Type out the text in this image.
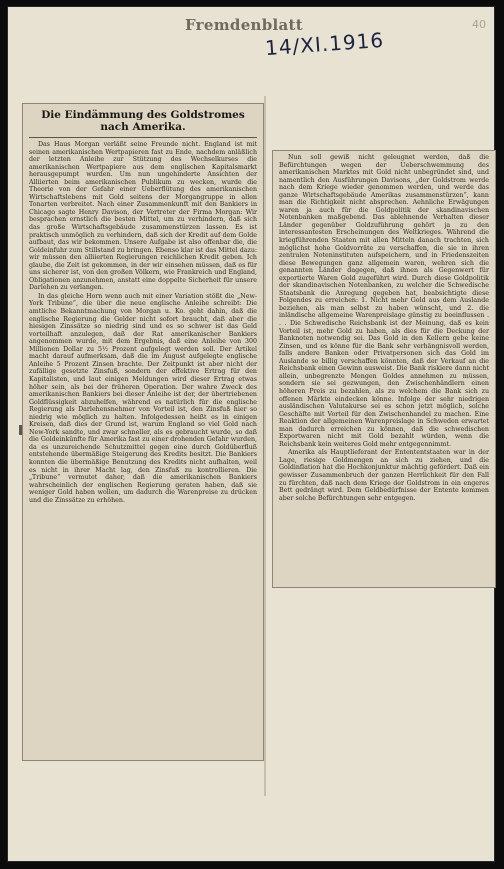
Fremdenblatt
14/XI.1916
40
Die Eindämmung des Goldstromes nach Amerika.

Das Haus Morgan verläßt seine Freunde nicht. England ist mit seinen amerikanischen Wertpapieren fast zu Ende, nachdem anläßlich der letzten Anleihe zur Stützung des Wechselkurses die amerikanischen Wertpapiere aus dem englischen Kapitalsmarkt herausgepumpt wurden. Um nun ungehinderte Ansichten der Alliierten beim amerikanischen Publikum zu wecken, wurde die Theorie von der Gefahr einer Ueberflütung des amerikanischen Wirtschaftslebens mit Gold seitens der Morgangruppe in allen Tonarten verbreitet. Nach einer Zusammenkunft mit den Bankiers in Chicago sagte Henry Davison, der Vertreter der Firma Morgan: Wir besprachen ernstlich die besten Mittel, um zu verhindern, daß sich das große Wirtschaftsgebäude zusammenstürzen lassen. Es ist praktisch unmöglich zu verhindern, daß sich der Kredit auf dem Golde aufbaut, das wir bekommen. Unsere Aufgabe ist also offenbar die, die Goldeinfuhr zum Stillstand zu bringen. Ebenso klar ist das Mittel dazu: wir müssen den alliierten Regierungen reichlichen Kredit geben. Ich glaube, die Zeit ist gekommen, in der wir einsehen müssen, daß es für uns sicherer ist, von den großen Völkern, wie Frankreich und England, Obligationen anzunehmen, anstatt eine doppelte Sicherheit für unsere Darlehen zu verlangen.

In das gleiche Horn wenn auch mit einer Variation stößt die „New-York Tribune“, die über die neue englische Anleihe schreibt: Die amtliche Bekanntmachung von Morgan u. Ko. geht dahin, daß die englische Regierung die Gelder nicht sofort braucht, daß aber die hiesigen Zinssätze so niedrig sind und es so schwer ist das Geld vorteilhaft anzulegen, daß der Rat amerikanischer Bankiers angenommen wurde, mit dem Ergebnis, daß eine Anleihe von 300 Millionen Dollar zu 5½ Prozent aufgelegt werden soll. Der Artikel macht darauf aufmerksam, daß die im August aufgelegte englische Anleihe 5 Prozent Zinsen brachte. Der Zeitpunkt ist aber nicht der zufällige gesetzte Zinsfuß, sondern der effektive Ertrag für den Kapitalisten, und laut einigen Meldungen wird dieser Ertrag etwas höher sein, als bei der früheren Operation. Der wahre Zweck des amerikanischen Bankiers bei dieser Anleihe ist der, der übertriebenen Goldflüssigkeit abzuhelfen, während es natürlich für die englische Regierung als Darlehensnehmer von Vorteil ist, den Zinsfuß hier so niedrig wie möglich zu halten. Infolgedessen heißt es in einigen Kreisen, daß dies der Grund ist, warum England so viel Gold nach New-York sandte, und zwar schneller, als es gebraucht wurde, so daß die Goldeinkünfte für Amerika fast zu einer drohenden Gefahr wurden, da es unzureichende Schutzmittel gegen eine durch Goldüberfluß entstehende übermäßige Steigerung des Kredits besitzt. Die Bankiers konnten die übermäßige Benutzung des Kredits nicht aufhalten, weil es nicht in ihrer Macht lag, den Zinsfuß zu kontrollieren. Die „Tribune“ vermutet daher, daß die amerikanischen Bankiers wahrscheinlich der englischen Regierung geraten haben, daß sie weniger Gold haben wollen, um dadurch die Warenpreise zu drücken und die Zinssätze zu erhöhen.

Nun soll gewiß nicht geleugnet werden, daß die Befürchtungen wegen der Ueberschwemmung des amerikanischen Marktes mit Gold nicht unbegründet sind, und namentlich den Ausführungen Davisons, „der Goldstrom werde nach dem Kriege wieder genommen werden, und werde das ganze Wirtschaftsgebäude Amerikas zusammenstürzen“, kann man die Richtigkeit nicht absprechen. Aehnliche Erwägungen waren ja auch für die Goldpolitik der skandinavischen Notenbanken maßgebend. Das ablehnende Verhalten dieser Länder gegenüber Goldzuführung gehört ja zu den interessantesten Erscheinungen des Weltkrieges. Während die kriegführenden Staaten mit allen Mitteln danach trachten, sich möglichst hohe Goldvorräte zu verschaffen, die sie in ihren zentralen Noteninstituten aufspeichern, und in Friedenszeiten diese Bewegungen ganz allgemein waren, wehren sich die genannten Länder dagegen, daß ihnen als Gegenwert für exportierte Waren Gold zugeführt wird. Durch diese Goldpolitik der skandinavischen Notenbanken, zu welcher die Schwedische Staatsbank die Anregung gegeben hat, beabsichtigte diese Folgendes zu erreichen: 1. Nicht mehr Gold aus dem Auslande beziehen, als man selbst zu haben wünscht, und 2. die inländische allgemeine Warenpreislage günstig zu beeinflussen . . . Die Schwedische Reichsbank ist der Meinung, daß es kein Vorteil ist, mehr Gold zu haben, als dies für die Deckung der Banknoten notwendig sei. Das Gold in den Kellern gebe keine Zinsen, und es könne für die Bank sehr verhängnisvoll werden, falls andere Banken oder Privatpersonen sich das Gold im Auslande so billig verschaffen könnten, daß der Verkauf an die Reichsbank einen Gewinn ausweist. Die Bank riskiere dann nicht allein, unbegrenzte Mengen Goldes annehmen zu müssen, sondern sie sei gezwungen, den Zwischenhändlern einen höheren Preis zu bezahlen, als zu welchem die Bank sich zu offenen Märkte eindecken könne. Infolge der sehr niedrigen ausländischen Valutakurse sei es schon jetzt möglich, solche Geschäfte mit Vorteil für den Zwischenhandel zu machen. Eine Reaktion der allgemeinen Warenpreislage in Schweden erwartet man dadurch erreichen zu können, daß die schwedischen Exportwaren nicht mit Gold bezahlt würden, wenn die Reichsbank kein weiteres Gold mehr entgegennimmt.

Amerika als Hauptlieferant der Entententstaaten war in der Lage, riesige Goldmengen an sich zu ziehen, und die Goldinflation hat die Hochkonjunktur mächtig gefördert. Daß ein gewisser Zusammenbruch der ganzen Herrlichkeit für den Fall zu fürchten, daß nach dem Kriege der Goldstrom in ein engeres Bett gedrängt wird. Dem Geldbedürfnisse der Entente kommen aber solche Befürchtungen sehr entgegen.
